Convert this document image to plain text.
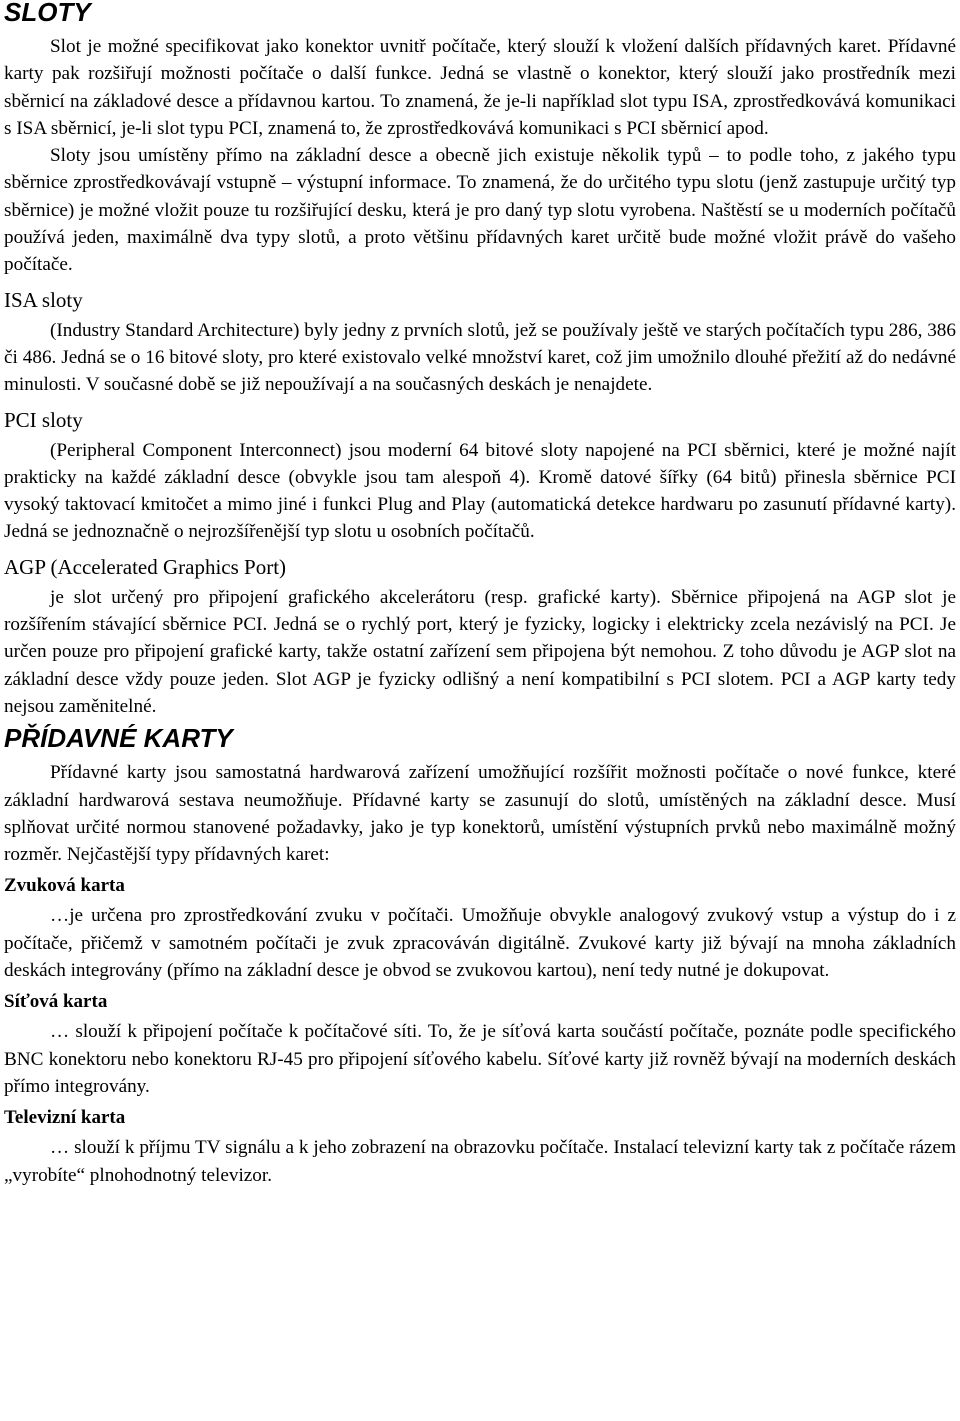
SLOTY

Slot je možné specifikovat jako konektor uvnitř počítače, který slouží k vložení dalších přídavných karet. Přídavné karty pak rozšiřují možnosti počítače o další funkce. Jedná se vlastně o konektor, který slouží jako prostředník mezi sběrnicí na základové desce a přídavnou kartou. To znamená, že je-li například slot typu ISA, zprostředkovává komunikaci s ISA sběrnicí, je-li slot typu PCI, znamená to, že zprostředkovává komunikaci s PCI sběrnicí apod.

Sloty jsou umístěny přímo na základní desce a obecně jich existuje několik typů – to podle toho, z jakého typu sběrnice zprostředkovávají vstupně – výstupní informace. To znamená, že do určitého typu slotu (jenž zastupuje určitý typ sběrnice) je možné vložit pouze tu rozšiřující desku, která je pro daný typ slotu vyrobena. Naštěstí se u moderních počítačů používá jeden, maximálně dva typy slotů, a proto většinu přídavných karet určitě bude možné vložit právě do vašeho počítače.

ISA sloty

(Industry Standard Architecture) byly jedny z prvních slotů, jež se používaly ještě ve starých počítačích typu 286, 386 či 486. Jedná se o 16 bitové sloty, pro které existovalo velké množství karet, což jim umožnilo dlouhé přežití až do nedávné minulosti. V současné době se již nepoužívají a na současných deskách je nenajdete.

PCI sloty

(Peripheral Component Interconnect) jsou moderní 64 bitové sloty napojené na PCI sběrnici, které je možné najít prakticky na každé základní desce (obvykle jsou tam alespoň 4). Kromě datové šířky (64 bitů) přinesla sběrnice PCI vysoký taktovací kmitočet a mimo jiné i funkci Plug and Play (automatická detekce hardwaru po zasunutí přídavné karty). Jedná se jednoznačně o nejrozšířenější typ slotu u osobních počítačů.

AGP (Accelerated Graphics Port)

je slot určený pro připojení grafického akcelerátoru (resp. grafické karty). Sběrnice připojená na AGP slot je rozšířením stávající sběrnice PCI. Jedná se o rychlý port, který je fyzicky, logicky i elektricky zcela nezávislý na PCI. Je určen pouze pro připojení grafické karty, takže ostatní zařízení sem připojena být nemohou. Z toho důvodu je AGP slot na základní desce vždy pouze jeden. Slot AGP je fyzicky odlišný a není kompatibilní s PCI slotem. PCI a AGP karty tedy nejsou zaměnitelné.

PŘÍDAVNÉ KARTY

Přídavné karty jsou samostatná hardwarová zařízení umožňující rozšířit možnosti počítače o nové funkce, které základní hardwarová sestava neumožňuje. Přídavné karty se zasunují do slotů, umístěných na základní desce. Musí splňovat určité normou stanovené požadavky, jako je typ konektorů, umístění výstupních prvků nebo maximálně možný rozměr. Nejčastější typy přídavných karet:

Zvuková karta

…je určena pro zprostředkování zvuku v počítači. Umožňuje obvykle analogový zvukový vstup a výstup do i z počítače, přičemž v samotném počítači je zvuk zpracováván digitálně. Zvukové karty již bývají na mnoha základních deskách integrovány (přímo na základní desce je obvod se zvukovou kartou), není tedy nutné je dokupovat.

Síťová karta

… slouží k připojení počítače k počítačové síti. To, že je síťová karta součástí počítače, poznáte podle specifického BNC konektoru nebo konektoru RJ-45 pro připojení síťového kabelu. Síťové karty již rovněž bývají na moderních deskách přímo integrovány.

Televizní karta

… slouží k příjmu TV signálu a k jeho zobrazení na obrazovku počítače. Instalací televizní karty tak z počítače rázem „vyrobíte“ plnohodnotný televizor.
